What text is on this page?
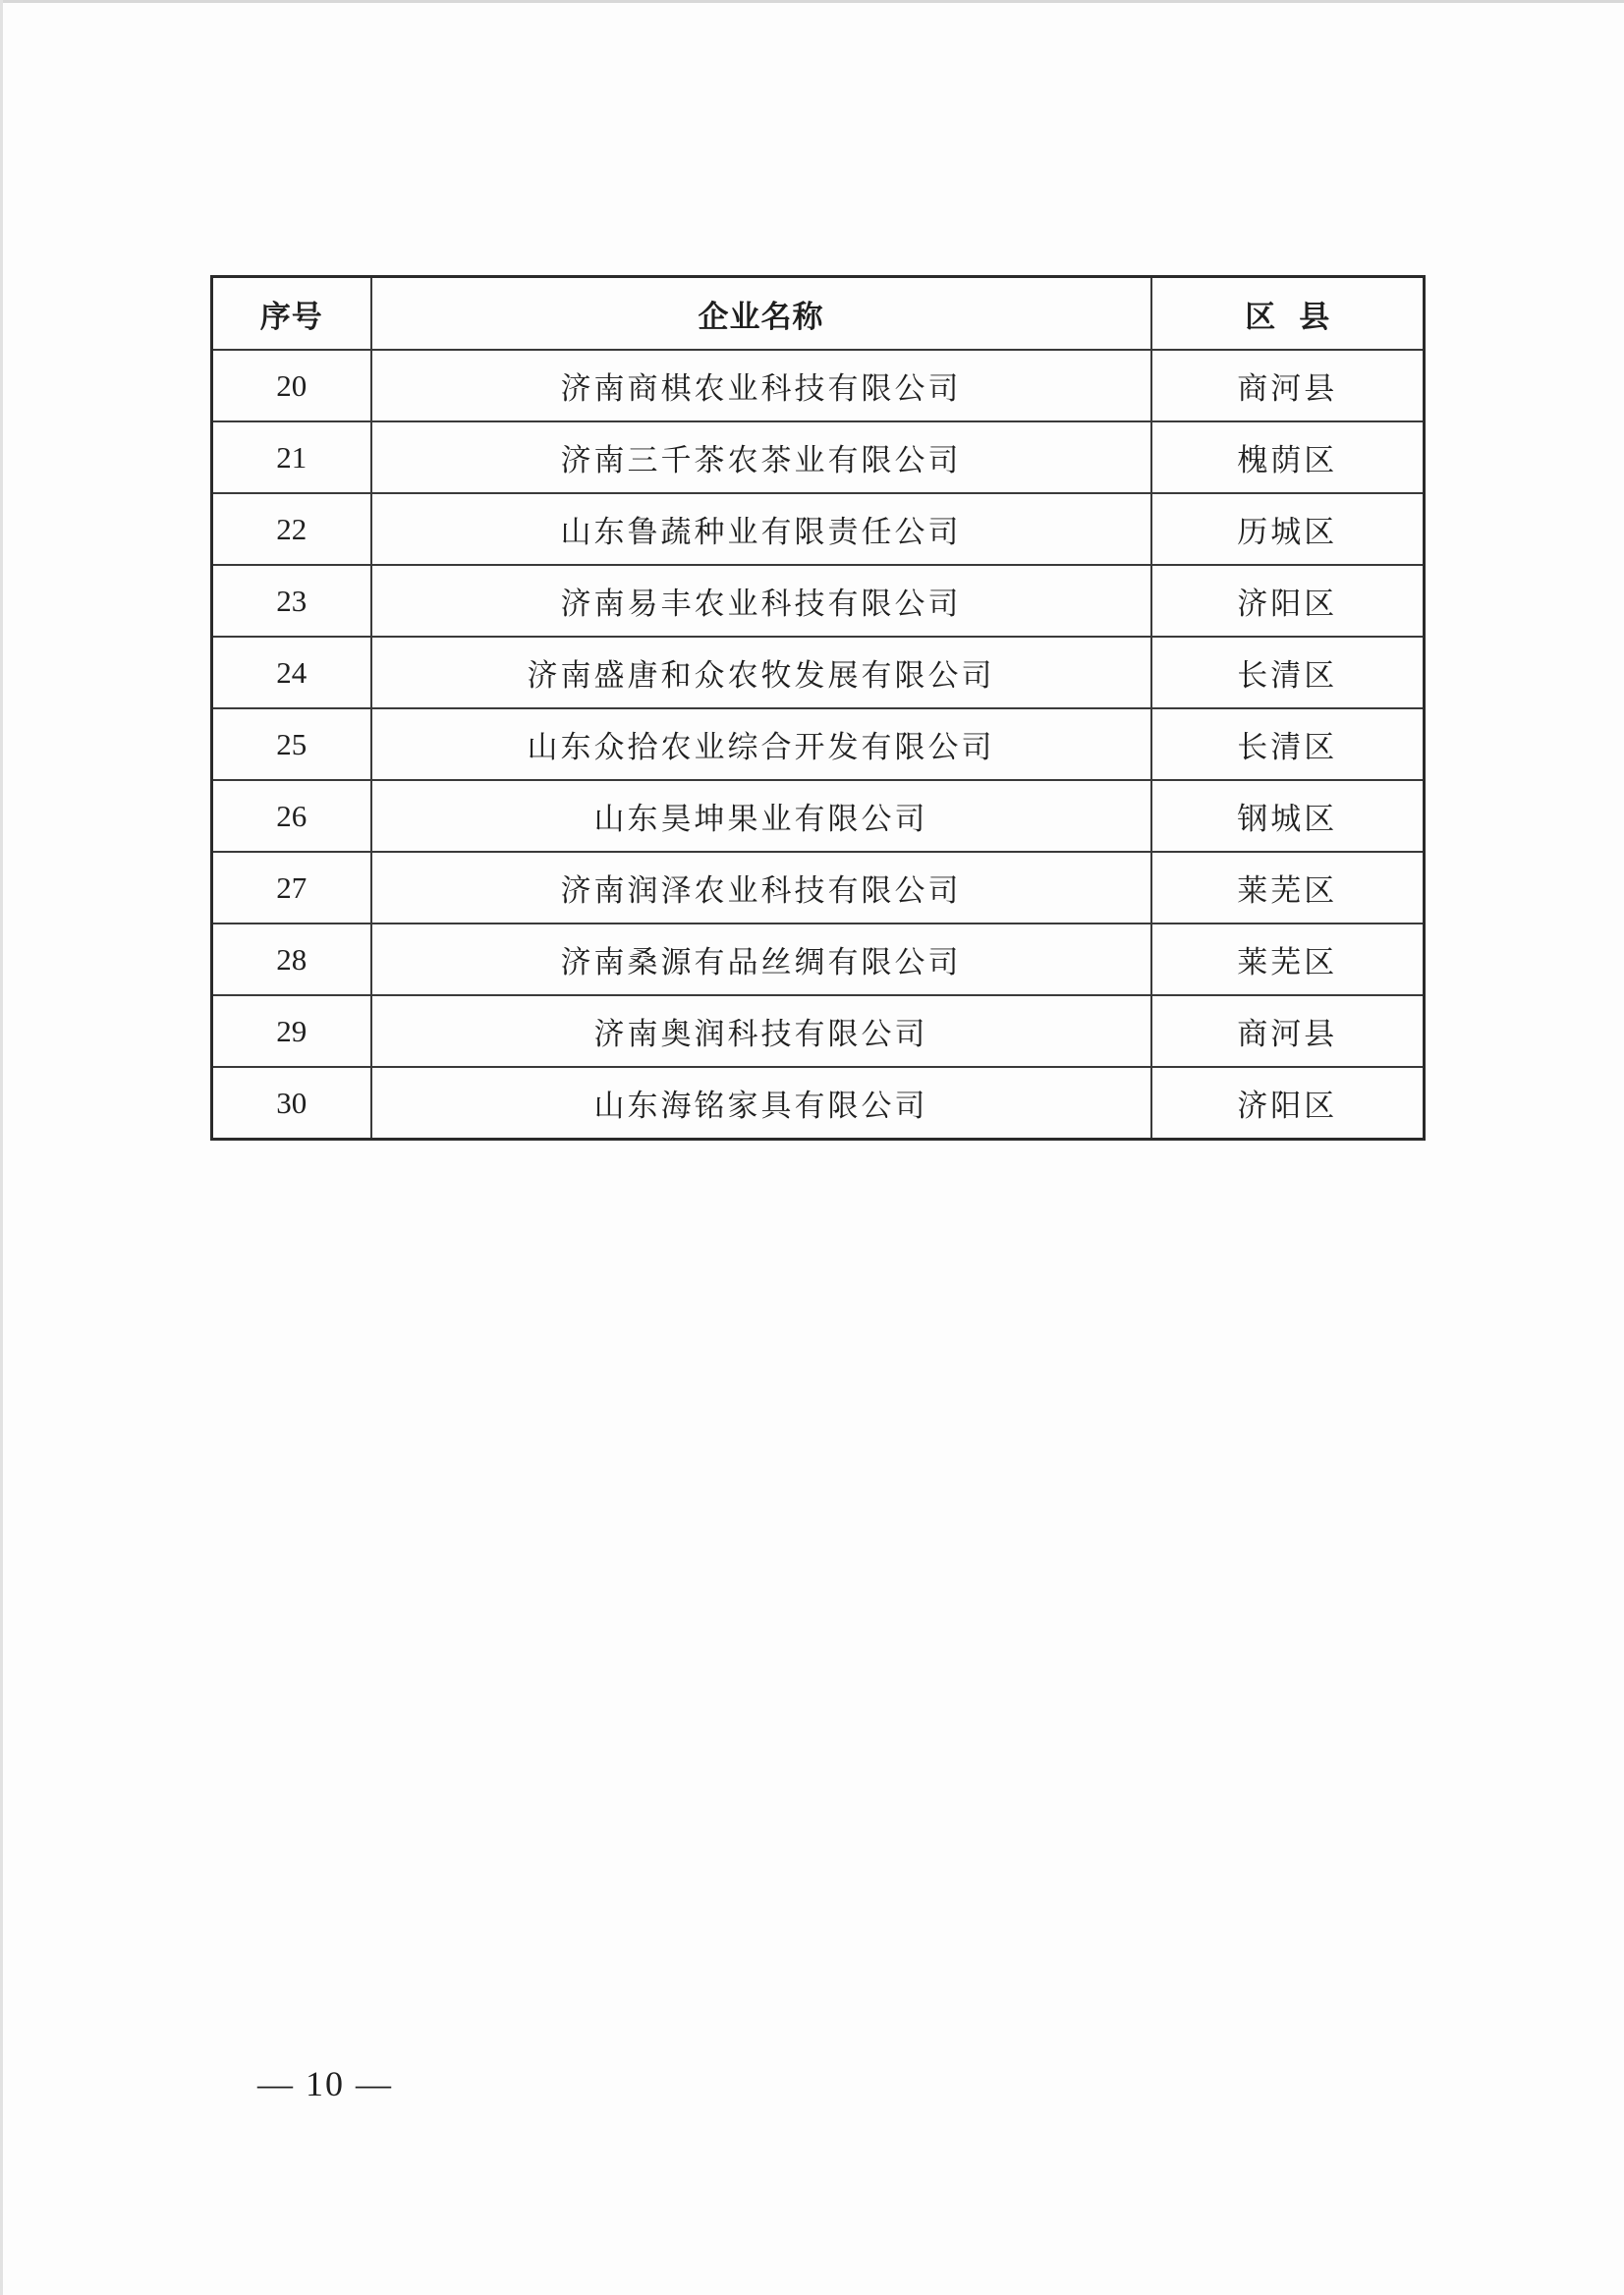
序号	企业名称	区县
20	济南商棋农业科技有限公司	商河县
21	济南三千茶农茶业有限公司	槐荫区
22	山东鲁蔬种业有限责任公司	历城区
23	济南易丰农业科技有限公司	济阳区
24	济南盛唐和众农牧发展有限公司	长清区
25	山东众拾农业综合开发有限公司	长清区
26	山东昊坤果业有限公司	钢城区
27	济南润泽农业科技有限公司	莱芜区
28	济南桑源有品丝绸有限公司	莱芜区
29	济南奥润科技有限公司	商河县
30	山东海铭家具有限公司	济阳区
— 10 —
